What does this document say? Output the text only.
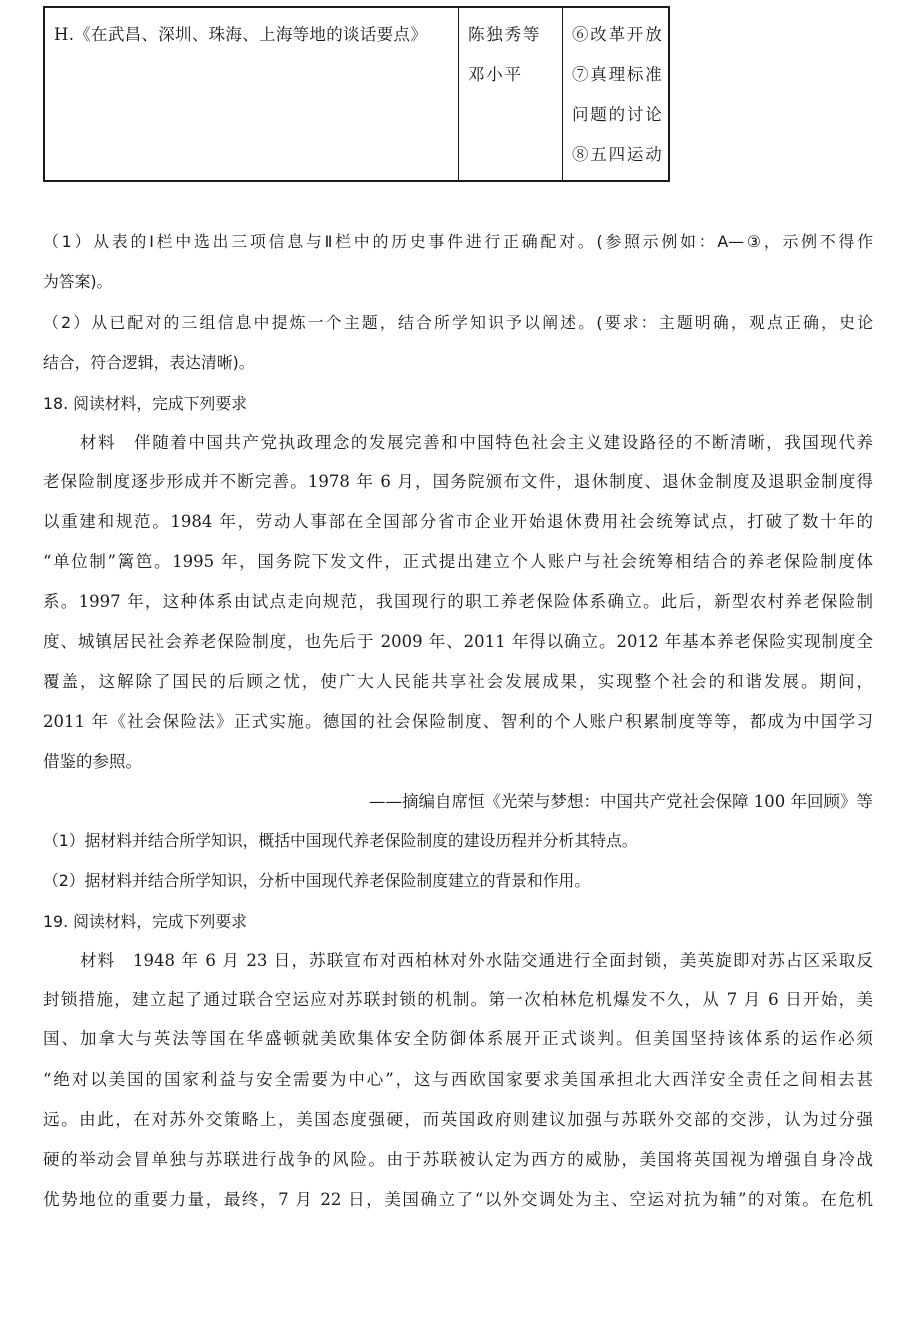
H.《在武昌、深圳、珠海、上海等地的谈话要点》	陈独秀等
邓小平
⑥改革开放
⑦真理标准
问题的讨论
⑧五四运动
（1）从表的Ⅰ栏中选出三项信息与Ⅱ栏中的历史事件进行正确配对。(参照示例如：A—③，示例不得作
为答案)。
（2）从已配对的三组信息中提炼一个主题，结合所学知识予以阐述。(要求：主题明确，观点正确，史论
结合，符合逻辑，表达清晰)。
18. 阅读材料，完成下列要求
材料　伴随着中国共产党执政理念的发展完善和中国特色社会主义建设路径的不断清晰，我国现代养
老保险制度逐步形成并不断完善。1978 年 6 月，国务院颁布文件，退休制度、退休金制度及退职金制度得
以重建和规范。1984 年，劳动人事部在全国部分省市企业开始退休费用社会统筹试点，打破了数十年的
“单位制”篱笆。1995 年，国务院下发文件，正式提出建立个人账户与社会统筹相结合的养老保险制度体
系。1997 年，这种体系由试点走向规范，我国现行的职工养老保险体系确立。此后，新型农村养老保险制
度、城镇居民社会养老保险制度，也先后于 2009 年、2011 年得以确立。2012 年基本养老保险实现制度全
覆盖，这解除了国民的后顾之忧，使广大人民能共享社会发展成果，实现整个社会的和谐发展。期间，
2011 年《社会保险法》正式实施。德国的社会保险制度、智利的个人账户积累制度等等，都成为中国学习
借鉴的参照。
——摘编自席恒《光荣与梦想：中国共产党社会保障 100 年回顾》等
（1）据材料并结合所学知识，概括中国现代养老保险制度的建设历程并分析其特点。
（2）据材料并结合所学知识，分析中国现代养老保险制度建立的背景和作用。
19. 阅读材料，完成下列要求
材料　1948 年 6 月 23 日，苏联宣布对西柏林对外水陆交通进行全面封锁，美英旋即对苏占区采取反
封锁措施，建立起了通过联合空运应对苏联封锁的机制。第一次柏林危机爆发不久，从 7 月 6 日开始，美
国、加拿大与英法等国在华盛顿就美欧集体安全防御体系展开正式谈判。但美国坚持该体系的运作必须
“绝对以美国的国家利益与安全需要为中心”，这与西欧国家要求美国承担北大西洋安全责任之间相去甚
远。由此，在对苏外交策略上，美国态度强硬，而英国政府则建议加强与苏联外交部的交涉，认为过分强
硬的举动会冒单独与苏联进行战争的风险。由于苏联被认定为西方的威胁，美国将英国视为增强自身冷战
优势地位的重要力量，最终，7 月 22 日，美国确立了“以外交调处为主、空运对抗为辅”的对策。在危机
